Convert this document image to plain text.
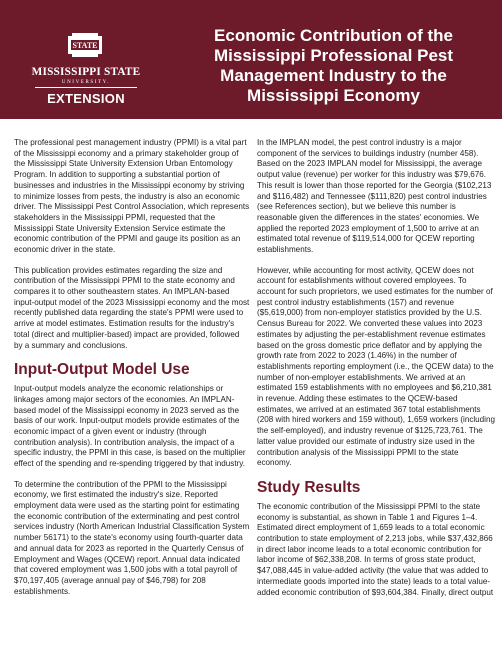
STATE
MISSISSIPPI STATE
UNIVERSITY.
EXTENSION
Economic Contribution of the
Mississippi Professional Pest
Management Industry to the
Mississippi Economy

The professional pest management industry (PPMI) is a vital part of the Mississippi economy and a primary stakeholder group of the Mississippi State University Extension Urban Entomology Program. In addition to supporting a substantial portion of businesses and industries in the Mississippi economy by striving to minimize losses from pests, the industry is also an economic driver. The Mississippi Pest Control Association, which represents stakeholders in the Mississippi PPMI, requested that the Mississippi State University Extension Service estimate the economic contribution of the PPMI and gauge its position as an economic driver in the state.

This publication provides estimates regarding the size and contribution of the Mississippi PPMI to the state economy and compares it to other southeastern states. An IMPLAN-based input-output model of the 2023 Mississippi economy and the most recently published data regarding the state's PPMI were used to arrive at model estimates. Estimation results for the industry's total (direct and multiplier-based) impact are provided, followed by a summary and conclusions.

Input-Output Model Use

Input-output models analyze the economic relationships or linkages among major sectors of the economies. An IMPLAN-based model of the Mississippi economy in 2023 served as the basis of our work. Input-output models provide estimates of the economic impact of a given event or industry (through contribution analysis). In contribution analysis, the impact of a specific industry, the PPMI in this case, is based on the multiplier effect of the spending and re-spending triggered by that industry.

To determine the contribution of the PPMI to the Mississippi economy, we first estimated the industry's size. Reported employment data were used as the starting point for estimating the economic contribution of the exterminating and pest control services industry (North American Industrial Classification System number 56171) to the state's economy using fourth-quarter data and annual data for 2023 as reported in the Quarterly Census of Employment and Wages (QCEW) report. Annual data indicated that covered employment was 1,500 jobs with a total payroll of $70,197,405 (average annual pay of $46,798) for 208 establishments.

In the IMPLAN model, the pest control industry is a major component of the services to buildings industry (number 458). Based on the 2023 IMPLAN model for Mississippi, the average output value (revenue) per worker for this industry was $79,676. This result is lower than those reported for the Georgia ($102,213 and $116,482) and Tennessee ($111,820) pest control industries (see References section), but we believe this number is reasonable given the differences in the states' economies. We applied the reported 2023 employment of 1,500 to arrive at an estimated total revenue of $119,514,000 for QCEW reporting establishments.

However, while accounting for most activity, QCEW does not account for establishments without covered employees. To account for such proprietors, we used estimates for the number of pest control industry establishments (157) and revenue ($5,619,000) from non-employer statistics provided by the U.S. Census Bureau for 2022. We converted these values into 2023 estimates by adjusting the per-establishment revenue estimates based on the gross domestic price deflator and by applying the growth rate from 2022 to 2023 (1.46%) in the number of establishments reporting employment (i.e., the QCEW data) to the number of non-employer establishments. We arrived at an estimated 159 establishments with no employees and $6,210,381 in revenue. Adding these estimates to the QCEW-based estimates, we arrived at an estimated 367 total establishments (208 with hired workers and 159 without), 1,659 workers (including the self-employed), and industry revenue of $125,723,761. The latter value provided our estimate of industry size used in the contribution analysis of the Mississippi PPMI to the state economy.

Study Results

The economic contribution of the Mississippi PPMI to the state economy is substantial, as shown in Table 1 and Figures 1–4. Estimated direct employment of 1,659 leads to a total economic contribution to state employment of 2,213 jobs, while $37,432,866 in direct labor income leads to a total economic contribution for labor income of $62,338,208. In terms of gross state product, $47,088,445 in value-added activity (the value that was added to intermediate goods imported into the state) leads to a total value-added economic contribution of $93,604,384. Finally, direct output
